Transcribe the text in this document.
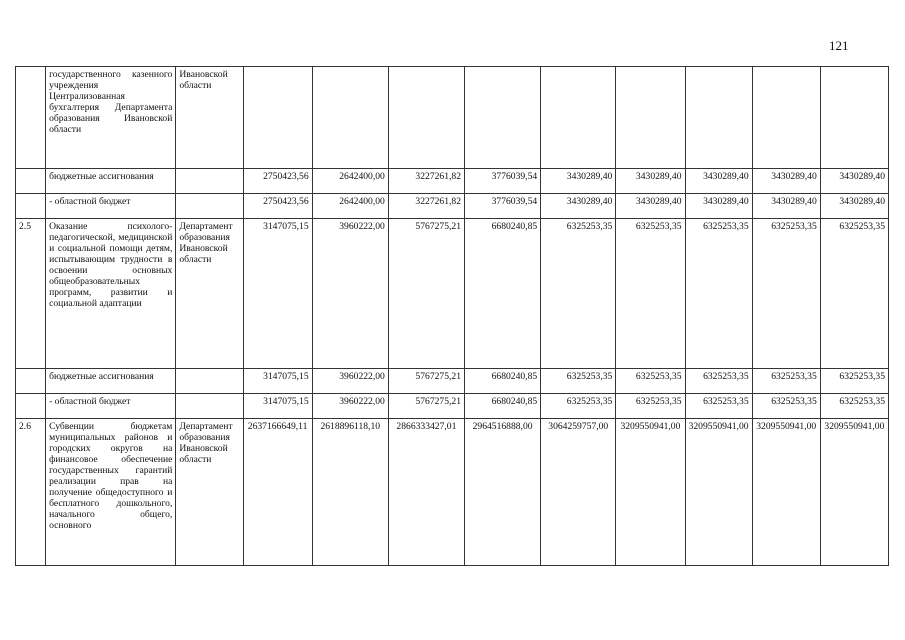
121
	государственного казенного учреждения Централизованная бухгалтерия Департамента образования Ивановской области	Ивановской области									
	бюджетные ассигнования		2750423,56	2642400,00	3227261,82	3776039,54	3430289,40	3430289,40	3430289,40	3430289,40	3430289,40
	- областной бюджет		2750423,56	2642400,00	3227261,82	3776039,54	3430289,40	3430289,40	3430289,40	3430289,40	3430289,40
2.5	Оказание психолого-педагогической, медицинской и социальной помощи детям, испытывающим трудности в освоении основных общеобразовательных программ, развитии и социальной адаптации	Департамент образования Ивановской области	3147075,15	3960222,00	5767275,21	6680240,85	6325253,35	6325253,35	6325253,35	6325253,35	6325253,35
	бюджетные ассигнования		3147075,15	3960222,00	5767275,21	6680240,85	6325253,35	6325253,35	6325253,35	6325253,35	6325253,35
	- областной бюджет		3147075,15	3960222,00	5767275,21	6680240,85	6325253,35	6325253,35	6325253,35	6325253,35	6325253,35
2.6	Субвенции бюджетам муниципальных районов и городских округов на финансовое обеспечение государственных гарантий реализации прав на получение общедоступного и бесплатного дошкольного, начального общего, основного	Департамент образования Ивановской области	2637166649,11	2618896118,10	2866333427,01	2964516888,00	3064259757,00	3209550941,00	3209550941,00	3209550941,00	3209550941,00
